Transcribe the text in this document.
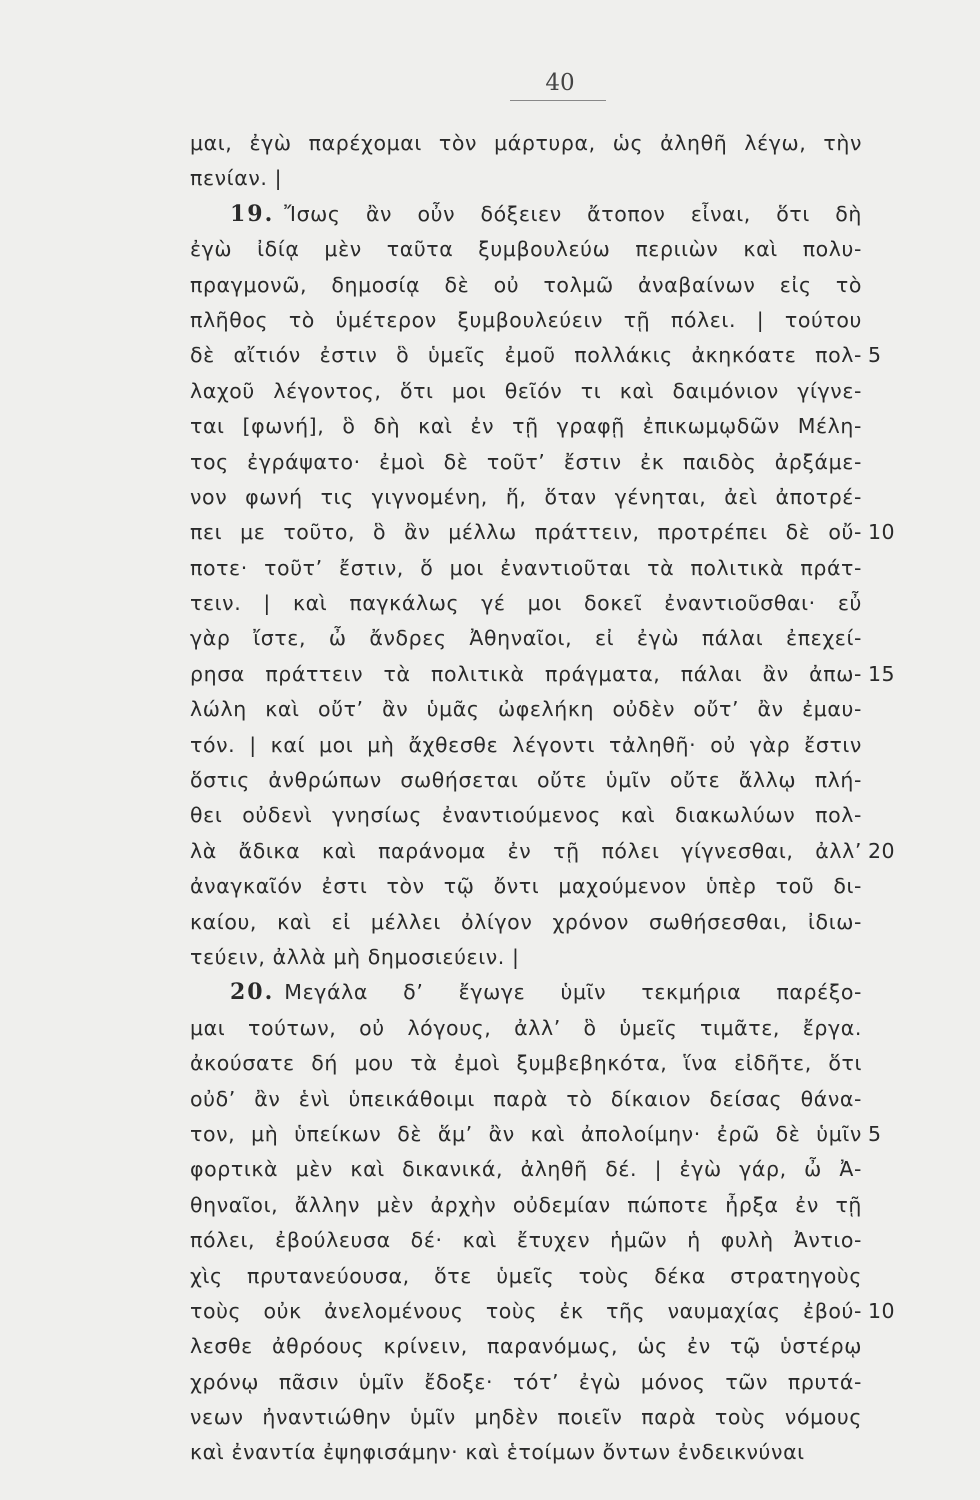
40
μαι, ἐγὼ παρέχομαι τὸν μάρτυρα, ὡς ἀληθῆ λέγω, τὴν
πενίαν. |
19. Ἴσως ἂν οὖν δόξειεν ἄτοπον εἶναι, ὅτι δὴ
ἐγὼ ἰδίᾳ μὲν ταῦτα ξυμβουλεύω περιιὼν καὶ πολυ-
πραγμονῶ, δημοσίᾳ δὲ οὐ τολμῶ ἀναβαίνων εἰς τὸ
πλῆθος τὸ ὑμέτερον ξυμβουλεύειν τῇ πόλει. | τούτου
δὲ αἴτιόν ἐστιν ὃ ὑμεῖς ἐμοῦ πολλάκις ἀκηκόατε πολ-
λαχοῦ λέγοντος, ὅτι μοι θεῖόν τι καὶ δαιμόνιον γίγνε-
ται [φωνή], ὃ δὴ καὶ ἐν τῇ γραφῇ ἐπικωμῳδῶν Μέλη-
τος ἐγράψατο· ἐμοὶ δὲ τοῦτ’ ἔστιν ἐκ παιδὸς ἀρξάμε-
νον φωνή τις γιγνομένη, ἥ, ὅταν γένηται, ἀεὶ ἀποτρέ-
πει με τοῦτο, ὃ ἂν μέλλω πράττειν, προτρέπει δὲ οὔ-
ποτε· τοῦτ’ ἔστιν, ὅ μοι ἐναντιοῦται τὰ πολιτικὰ πράτ-
τειν. | καὶ παγκάλως γέ μοι δοκεῖ ἐναντιοῦσθαι· εὖ
γὰρ ἴστε, ὦ ἄνδρες Ἀθηναῖοι, εἰ ἐγὼ πάλαι ἐπεχεί-
ρησα πράττειν τὰ πολιτικὰ πράγματα, πάλαι ἂν ἀπω-
λώλη καὶ οὔτ’ ἂν ὑμᾶς ὠφελήκη οὐδὲν οὔτ’ ἂν ἐμαυ-
τόν. | καί μοι μὴ ἄχθεσθε λέγοντι τἀληθῆ· οὐ γὰρ ἔστιν
ὅστις ἀνθρώπων σωθήσεται οὔτε ὑμῖν οὔτε ἄλλῳ πλή-
θει οὐδενὶ γνησίως ἐναντιούμενος καὶ διακωλύων πολ-
λὰ ἄδικα καὶ παράνομα ἐν τῇ πόλει γίγνεσθαι, ἀλλ’
ἀναγκαῖόν ἐστι τὸν τῷ ὄντι μαχούμενον ὑπὲρ τοῦ δι-
καίου, καὶ εἰ μέλλει ὀλίγον χρόνον σωθήσεσθαι, ἰδιω-
τεύειν, ἀλλὰ μὴ δημοσιεύειν. |
20. Μεγάλα δ’ ἔγωγε ὑμῖν τεκμήρια παρέξο-
μαι τούτων, οὐ λόγους, ἀλλ’ ὃ ὑμεῖς τιμᾶτε, ἔργα.
ἀκούσατε δή μου τὰ ἐμοὶ ξυμβεβηκότα, ἵνα εἰδῆτε, ὅτι
οὐδ’ ἂν ἑνὶ ὑπεικάθοιμι παρὰ τὸ δίκαιον δείσας θάνα-
τον, μὴ ὑπείκων δὲ ἅμ’ ἂν καὶ ἀπολοίμην· ἐρῶ δὲ ὑμῖν
φορτικὰ μὲν καὶ δικανικά, ἀληθῆ δέ. | ἐγὼ γάρ, ὦ Ἀ-
θηναῖοι, ἄλλην μὲν ἀρχὴν οὐδεμίαν πώποτε ἦρξα ἐν τῇ
πόλει, ἐβούλευσα δέ· καὶ ἔτυχεν ἡμῶν ἡ φυλὴ Ἀντιο-
χὶς πρυτανεύουσα, ὅτε ὑμεῖς τοὺς δέκα στρατηγοὺς
τοὺς οὐκ ἀνελομένους τοὺς ἐκ τῆς ναυμαχίας ἐβού-
λεσθε ἀθρόους κρίνειν, παρανόμως, ὡς ἐν τῷ ὑστέρῳ
χρόνῳ πᾶσιν ὑμῖν ἔδοξε· τότ’ ἐγὼ μόνος τῶν πρυτά-
νεων ἠναντιώθην ὑμῖν μηδὲν ποιεῖν παρὰ τοὺς νόμους
καὶ ἐναντία ἐψηφισάμην· καὶ ἑτοίμων ὄντων ἐνδεικνύναι
5
10
15
20
5
10
